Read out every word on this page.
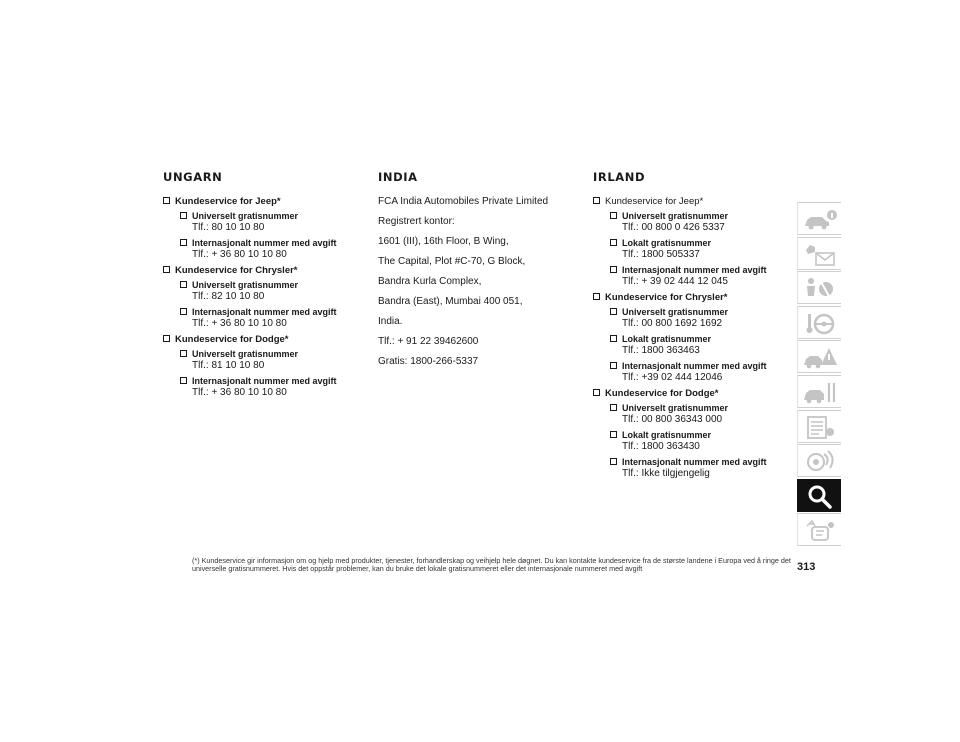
UNGARN
Kundeservice for Jeep*
Universelt gratisnummer
Tlf.: 80 10 10 80
Internasjonalt nummer med avgift
Tlf.: + 36 80 10 10 80
Kundeservice for Chrysler*
Universelt gratisnummer
Tlf.: 82 10 10 80
Internasjonalt nummer med avgift
Tlf.: + 36 80 10 10 80
Kundeservice for Dodge*
Universelt gratisnummer
Tlf.: 81 10 10 80
Internasjonalt nummer med avgift
Tlf.: + 36 80 10 10 80
INDIA
FCA India Automobiles Private Limited
Registrert kontor:
1601 (III), 16th Floor, B Wing,
The Capital, Plot #C-70, G Block,
Bandra Kurla Complex,
Bandra (East), Mumbai 400 051,
India.
Tlf.: + 91 22 39462600
Gratis: 1800-266-5337
IRLAND
Kundeservice for Jeep*
Universelt gratisnummer
Tlf.: 00 800 0 426 5337
Lokalt gratisnummer
Tlf.: 1800 505337
Internasjonalt nummer med avgift
Tlf.: + 39 02 444 12 045
Kundeservice for Chrysler*
Universelt gratisnummer
Tlf.: 00 800 1692 1692
Lokalt gratisnummer
Tlf.: 1800 363463
Internasjonalt nummer med avgift
Tlf.: +39 02 444 12046
Kundeservice for Dodge*
Universelt gratisnummer
Tlf.: 00 800 36343 000
Lokalt gratisnummer
Tlf.: 1800 363430
Internasjonalt nummer med avgift
Tlf.: Ikke tilgjengelig
(*) Kundeservice gir informasjon om og hjelp med produkter, tjenester, forhandlerskap og veihjelp hele døgnet. Du kan kontakte kundeservice fra de største landene i Europa ved å ringe det universelle gratisnummeret. Hvis det oppstår problemer, kan du bruke det lokale gratisnummeret eller det internasjonale nummeret med avgift	313
